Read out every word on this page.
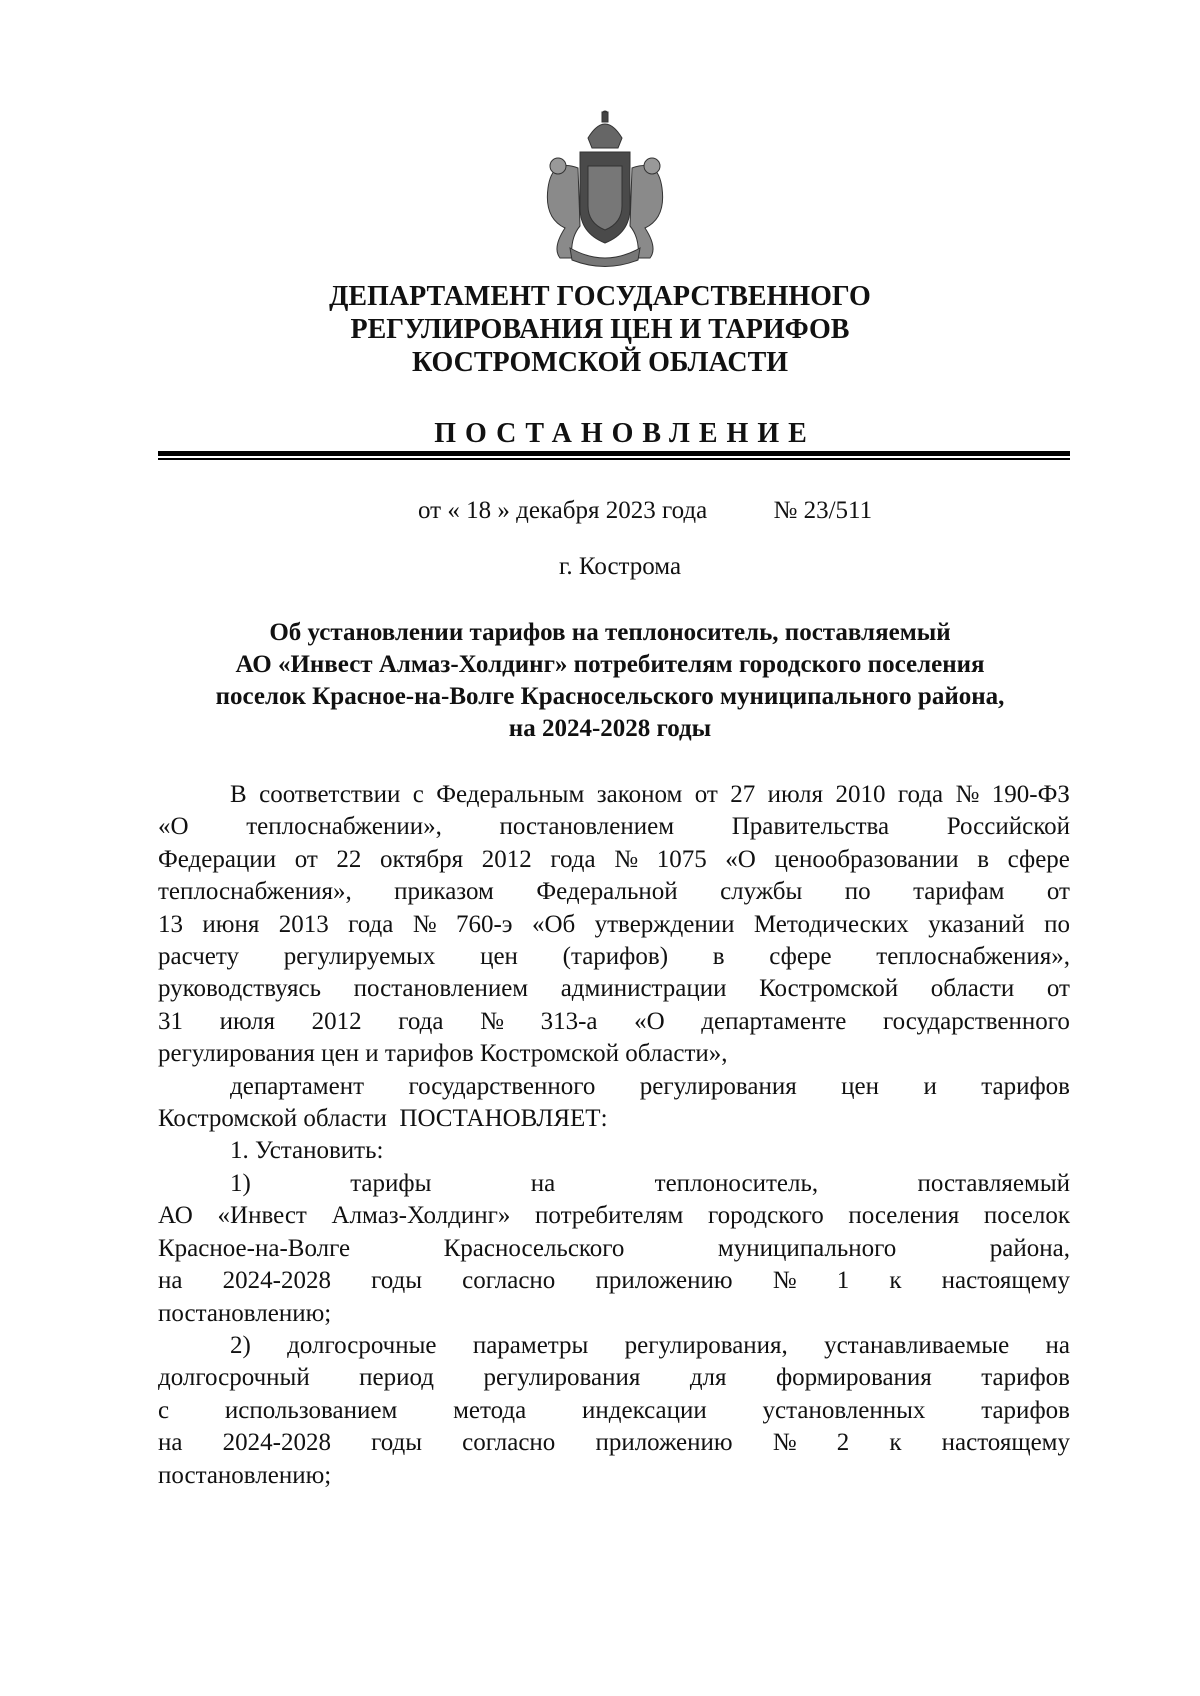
ДЕПАРТАМЕНТ ГОСУДАРСТВЕННОГО
РЕГУЛИРОВАНИЯ ЦЕН И ТАРИФОВ
КОСТРОМСКОЙ ОБЛАСТИ
ПОСТАНОВЛЕНИЕ
от « 18 » декабря 2023 года	№ 23/511
г. Кострома
Об установлении тарифов на теплоноситель, поставляемый
АО «Инвест Алмаз-Холдинг» потребителям городского поселения
поселок Красное-на-Волге Красносельского муниципального района,
на 2024-2028 годы
В соответствии с Федеральным законом от 27 июля 2010 года № 190-ФЗ
«О теплоснабжении», постановлением Правительства Российской
Федерации от 22 октября 2012 года № 1075 «О ценообразовании в сфере
теплоснабжения», приказом Федеральной службы по тарифам от
13 июня 2013 года № 760-э «Об утверждении Методических указаний по
расчету регулируемых цен (тарифов) в сфере теплоснабжения»,
руководствуясь постановлением администрации Костромской области от
31 июля 2012 года № 313-а «О департаменте государственного
регулирования цен и тарифов Костромской области»,
департамент государственного регулирования цен и тарифов
Костромской области  ПОСТАНОВЛЯЕТ:
1. Установить:
1)	тарифы	на	теплоноситель,	поставляемый
АО «Инвест Алмаз-Холдинг» потребителям городского поселения поселок
Красное-на-Волге	Красносельского	муниципального	района,
на 2024-2028 годы согласно приложению № 1 к настоящему
постановлению;
2) долгосрочные параметры регулирования, устанавливаемые на
долгосрочный период регулирования для формирования тарифов
с использованием метода индексации установленных тарифов
на 2024-2028 годы согласно приложению № 2 к настоящему
постановлению;
